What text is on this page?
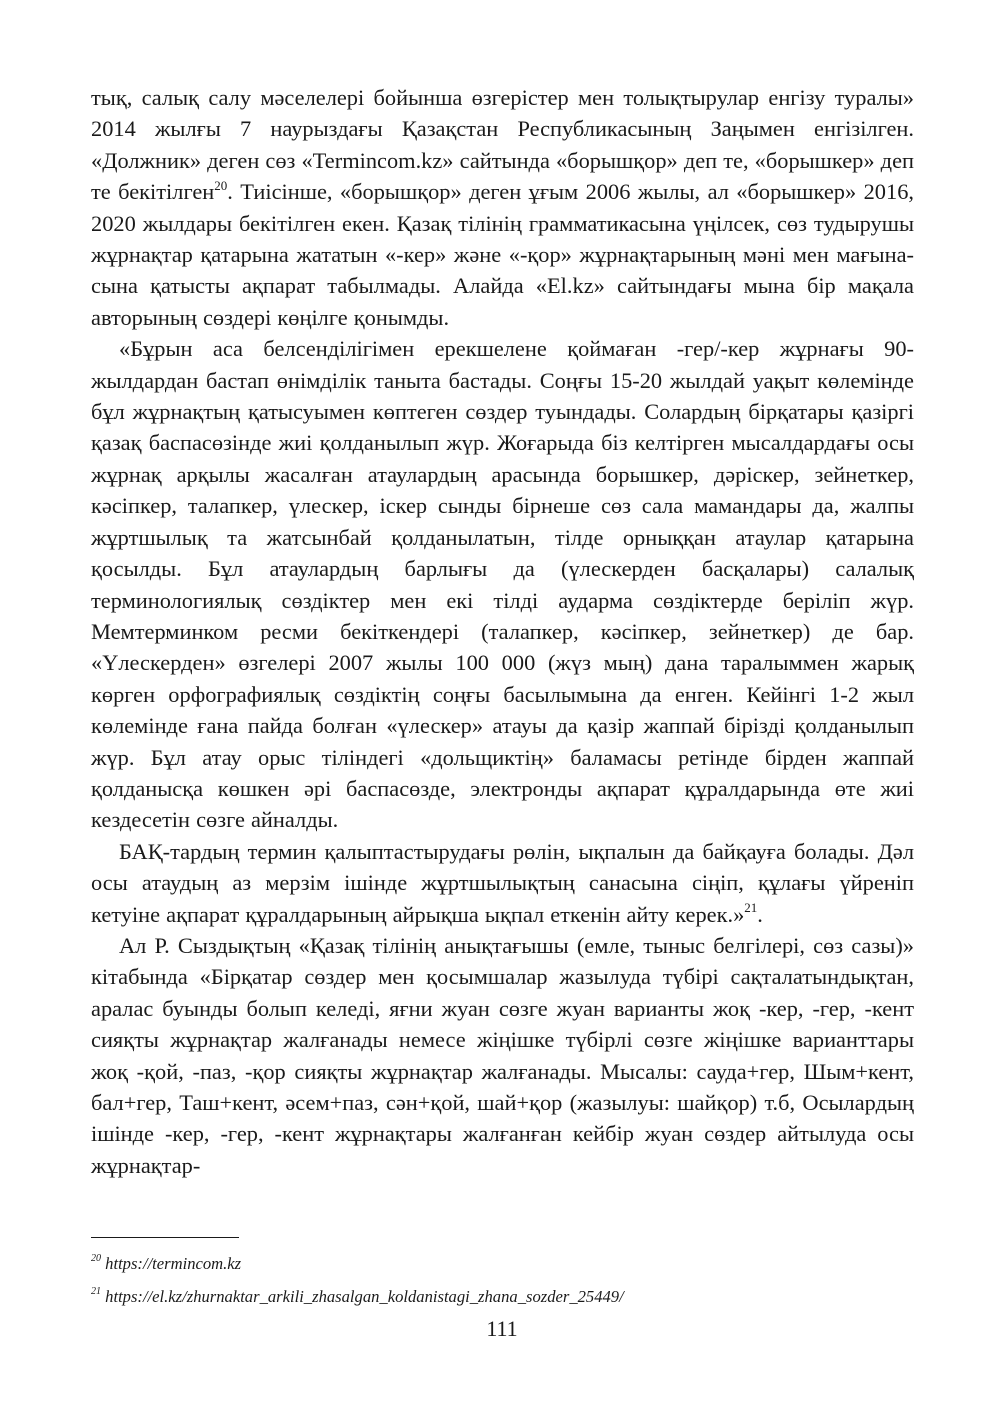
тық, салық салу мәселелері бойынша өзгерістер мен толықтырулар енгізу туралы» 2014 жылғы 7 наурыздағы Қазақстан Республикасының Заңымен енгізілген. «Должник» деген сөз «Termincom.kz» сайтында «борышқор» деп те, «борышкер» деп те бекітілген$^{20}$. Тиісінше, «борышқор» деген ұғым 2006 жылы, ал «борышкер» 2016, 2020 жылдары бекітілген екен. Қазақ тілінің грамматикасына үңілсек, сөз тудырушы жұрнақтар қатарына жататын «-кер» және «-қор» жұрнақтарының мәні мен мағынасына қатысты ақпарат табылмады. Алайда «El.kz» сайтындағы мына бір мақала авторының сөздері көңілге қонымды.

«Бұрын аса белсенділігімен ерекшелене қоймаған -гер/-кер жұрнағы 90-жылдардан бастап өнімділік танытa бастады. Соңғы 15-20 жылдай уақыт көлемінде бұл жұрнақтың қатысуымен көптеген сөздер туындады. Солардың бірқатары қазіргі қазақ баспасөзінде жиі қолданылып жүр. Жоғарыда біз келтірген мысалдардағы осы жұрнақ арқылы жасалған атаулардың арасында борышкер, дәріскер, зейнеткер, кәсіпкер, талапкер, үлескер, іскер сынды бірнеше сөз сала мамандары да, жалпы жұртшылық та жатсынбай қолданылатын, тілде орныққан атаулар қатарына қосылды. Бұл атаулардың барлығы да (үлескерден басқалары) салалық терминологиялық сөздіктер мен екі тілді аударма сөздіктерде беріліп жүр. Мемтерминком ресми бекіткендері (талапкер, кәсіпкер, зейнеткер) де бар. «Үлескерден» өзгелері 2007 жылы 100 000 (жүз мың) дана таралыммен жарық көрген орфографиялық сөздіктің соңғы басылымына да енген. Кейінгі 1-2 жыл көлемінде ғана пайда болған «үлескер» атауы да қазір жаппай бірізді қолданылып жүр. Бұл атау орыс тіліндегі «дольщиктің» баламасы ретінде бірден жаппай қолданысқа көшкен әрі баспасөзде, электронды ақпарат құралдарында өте жиі кездесетін сөзге айналды.

БАҚ-тардың термин қалыптастырудағы рөлін, ықпалын да байқауға болады. Дәл осы атаудың аз мерзім ішінде жұртшылықтың санасына сіңіп, құлағы үйреніп кетуіне ақпарат құралдарының айрықша ықпал еткенін айту керек.»$^{21}$.

Ал Р. Сыздықтың «Қазақ тілінің анықтағышы (емле, тыныс белгілері, сөз сазы)» кітабында «Бірқатар сөздер мен қосымшалар жазылуда түбірі сақталатындықтан, аралас буынды болып келеді, яғни жуан сөзге жуан варианты жоқ -кер, -гер, -кент сияқты жұрнақтар жалғанады немесе жіңішке түбірлі сөзге жіңішке варианттары жоқ -қой, -паз, -қор сияқты жұрнақтар жалғанады. Мысалы: сауда+гер, Шым+кент, бал+гер, Таш+кент, әсем+паз, сән+қой, шай+қор (жазылуы: шайқор) т.б, Осылардың ішінде -кер, -гер, -кент жұрнақтары жалғанған кейбір жуан сөздер айтылуда осы жұрнақтар-

$^{20}$ https://termincom.kz
$^{21}$ https://el.kz/zhurnaktar_arkili_zhasalgan_koldanistagi_zhana_sozder_25449/
111
